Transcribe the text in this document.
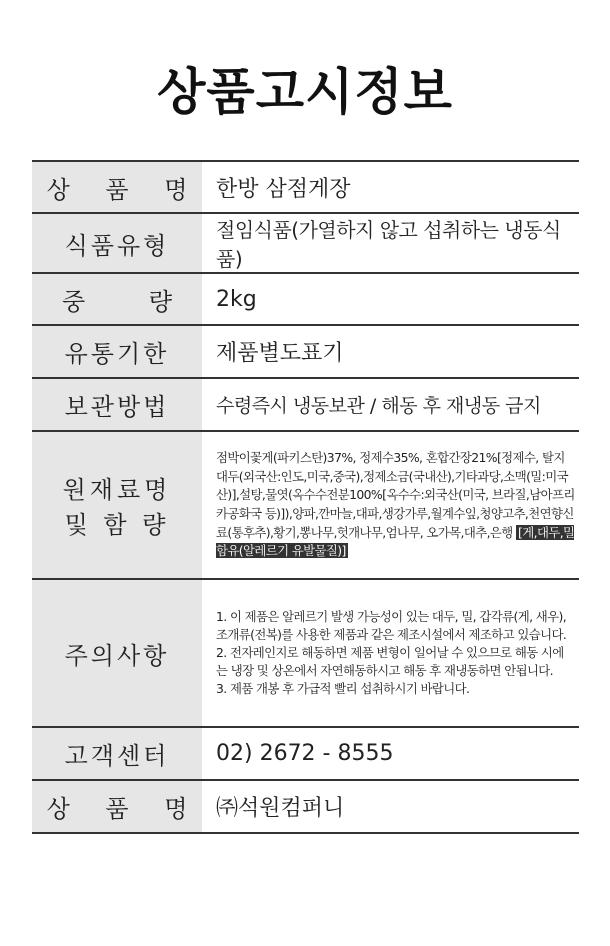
상품고시정보
상 품 명	한방 삼점게장
식품유형	절임식품(가열하지 않고 섭취하는 냉동식품)
중 량	2kg
유통기한	제품별도표기
보관방법	수령즉시 냉동보관 / 해동 후 재냉동 금지

원재료명
및 함 량	점박이꽃게(파키스탄)37%, 정제수35%, 혼합간장21%[정제수, 탈지대두(외국산:인도,미국,중국),정제소금(국내산),기타과당,소맥(밀:미국산)],설탕,물엿(옥수수전분100%[옥수수:외국산(미국, 브라질,남아프리카공화국 등)]),양파,깐마늘,대파,생강가루,월계수잎,청양고추,천연향신료(통후추),황기,뽕나무,헛개나무,엄나무, 오가목,대추,은행 [게,대두,밀 함유(알레르기 유발물질)]
주의사항	1. 이 제품은 알레르기 발생 가능성이 있는 대두, 밀, 갑각류(게, 새우),조개류(전복)를 사용한 제품과 같은 제조시설에서 제조하고 있습니다.
2. 전자레인지로 해동하면 제품 변형이 일어날 수 있으므로 해동 시에는 냉장 및 상온에서 자연해동하시고 해동 후 재냉동하면 안됩니다.
3. 제품 개봉 후 가급적 빨리 섭취하시기 바랍니다.

고객센터	02) 2672 - 8555
상 품 명	㈜석원컴퍼니
